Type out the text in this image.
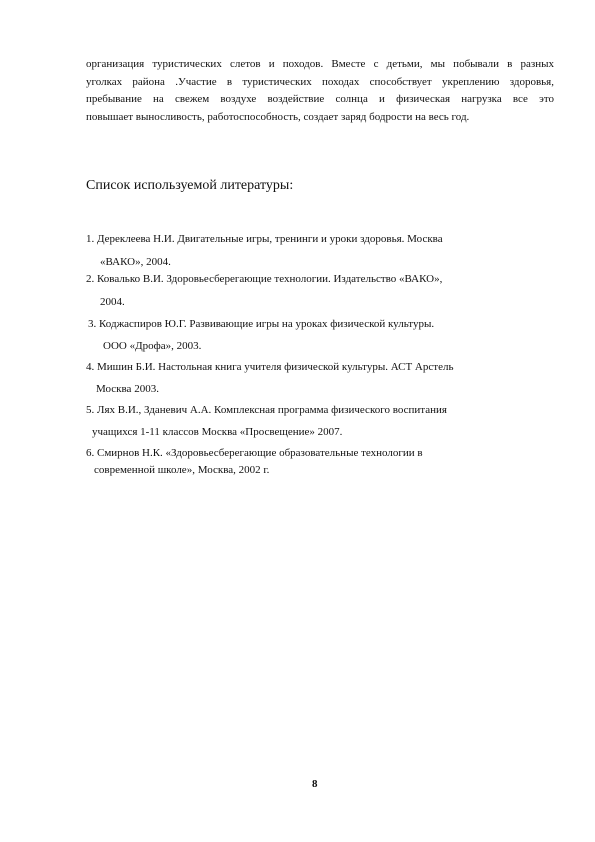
организация туристических слетов и походов. Вместе с детьми, мы побывали в разных
уголках района .Участие в туристических походах способствует укреплению здоровья,
пребывание на свежем воздухе воздействие солнца и физическая нагрузка все это
повышает выносливость, работоспособность, создает заряд бодрости на весь год.
Список используемой литературы:
1. Дереклеева Н.И. Двигательные игры, тренинги и уроки здоровья. Москва
«ВАКО», 2004.
2. Ковалько В.И. Здоровьесберегающие технологии. Издательство «ВАКО»,
2004.
3. Коджаспиров Ю.Г. Развивающие игры на уроках физической культуры.
ООО «Дрофа», 2003.
4. Мишин Б.И. Настольная книга учителя физической культуры. АСТ Арстель
Москва 2003.
5. Лях В.И., Зданевич А.А. Комплексная программа физического воспитания
учащихся 1-11 классов Москва «Просвещение» 2007.
6. Смирнов Н.К. «Здоровьесберегающие образовательные технологии в
современной школе», Москва, 2002 г.
8
